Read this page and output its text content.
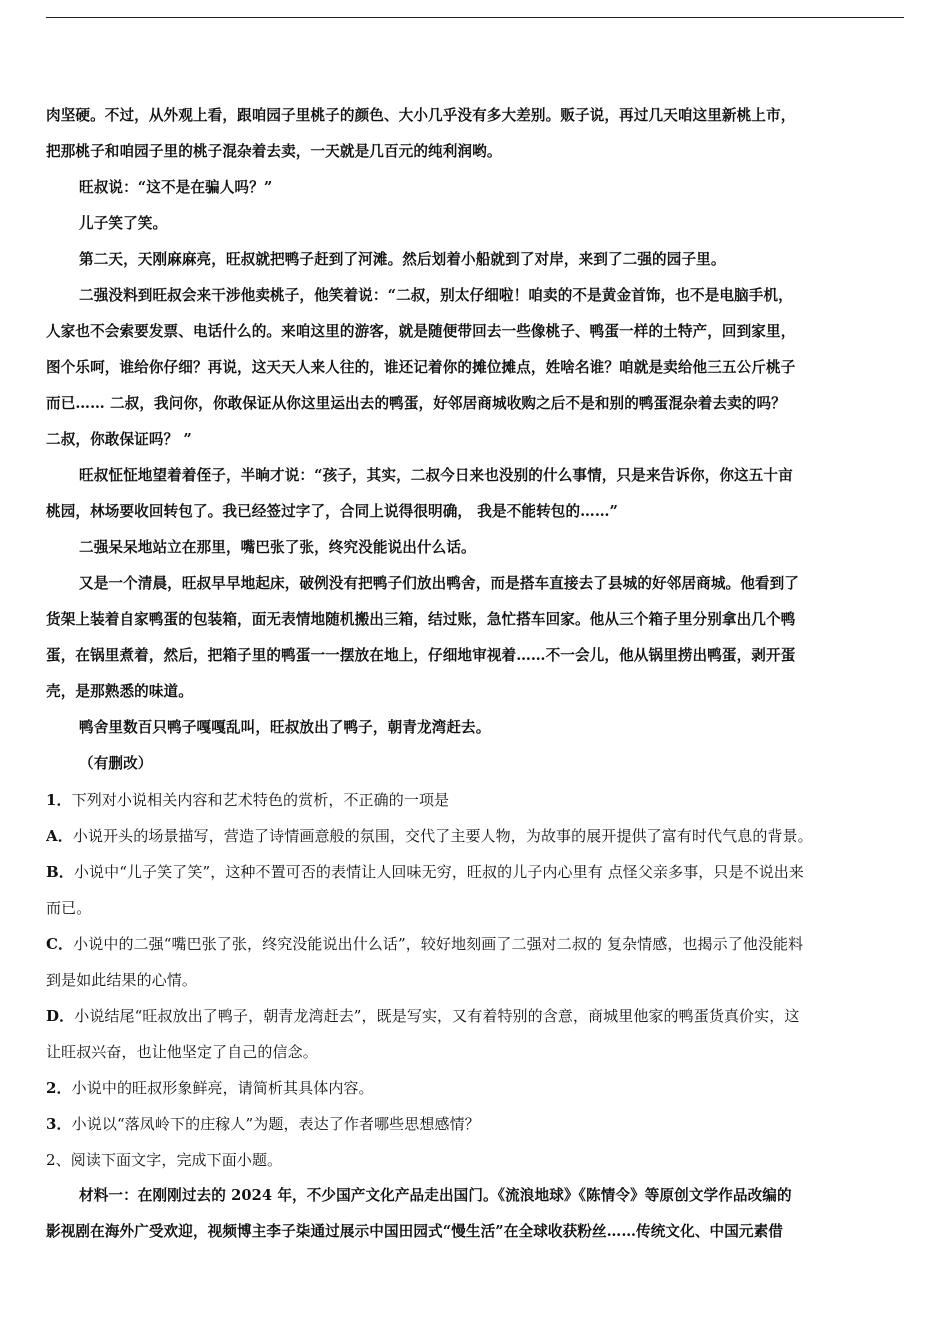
肉坚硬。不过，从外观上看，跟咱园子里桃子的颜色、大小几乎没有多大差别。贩子说，再过几天咱这里新桃上市，
把那桃子和咱园子里的桃子混杂着去卖，一天就是几百元的纯利润哟。
旺叔说：“这不是在骗人吗？”
儿子笑了笑。
第二天，天刚麻麻亮，旺叔就把鸭子赶到了河滩。然后划着小船就到了对岸，来到了二强的园子里。
二强没料到旺叔会来干涉他卖桃子，他笑着说：“二叔，别太仔细啦！咱卖的不是黄金首饰，也不是电脑手机，
人家也不会索要发票、电话什么的。来咱这里的游客，就是随便带回去一些像桃子、鸭蛋一样的土特产，回到家里，
图个乐呵，谁给你仔细？再说，这天天人来人往的，谁还记着你的摊位摊点，姓啥名谁？咱就是卖给他三五公斤桃子
而已…… 二叔，我问你，你敢保证从你这里运出去的鸭蛋，好邻居商城收购之后不是和别的鸭蛋混杂着去卖的吗？
二叔，你敢保证吗？ ”
旺叔怔怔地望着着侄子，半晌才说：“孩子，其实，二叔今日来也没别的什么事情，只是来告诉你，你这五十亩
桃园，林场要收回转包了。我已经签过字了，合同上说得很明确， 我是不能转包的……”
二强呆呆地站立在那里，嘴巴张了张，终究没能说出什么话。
又是一个清晨，旺叔早早地起床，破例没有把鸭子们放出鸭舍，而是搭车直接去了县城的好邻居商城。他看到了
货架上装着自家鸭蛋的包装箱，面无表情地随机搬出三箱，结过账，急忙搭车回家。他从三个箱子里分别拿出几个鸭
蛋，在锅里煮着，然后，把箱子里的鸭蛋一一摆放在地上，仔细地审视着……不一会儿，他从锅里捞出鸭蛋，剥开蛋
壳，是那熟悉的味道。
鸭舍里数百只鸭子嘎嘎乱叫，旺叔放出了鸭子，朝青龙湾赶去。
（有删改）
1．下列对小说相关内容和艺术特色的赏析，不正确的一项是
A．小说开头的场景描写，营造了诗情画意般的氛围，交代了主要人物，为故事的展开提供了富有时代气息的背景。
B．小说中“儿子笑了笑”，这种不置可否的表情让人回味无穷，旺叔的儿子内心里有 点怪父亲多事，只是不说出来
而已。
C．小说中的二强“嘴巴张了张，终究没能说出什么话”，较好地刻画了二强对二叔的 复杂情感，也揭示了他没能料
到是如此结果的心情。
D．小说结尾“旺叔放出了鸭子，朝青龙湾赶去”，既是写实，又有着特别的含意，商城里他家的鸭蛋货真价实，这
让旺叔兴奋，也让他坚定了自己的信念。
2．小说中的旺叔形象鲜亮，请简析其具体内容。
3．小说以“落凤岭下的庄稼人”为题，表达了作者哪些思想感情？
2、阅读下面文字，完成下面小题。
材料一：在刚刚过去的 2024 年，不少国产文化产品走出国门。《流浪地球》《陈情令》等原创文学作品改编的
影视剧在海外广受欢迎，视频博主李子柒通过展示中国田园式“慢生活”在全球收获粉丝……传统文化、中国元素借
